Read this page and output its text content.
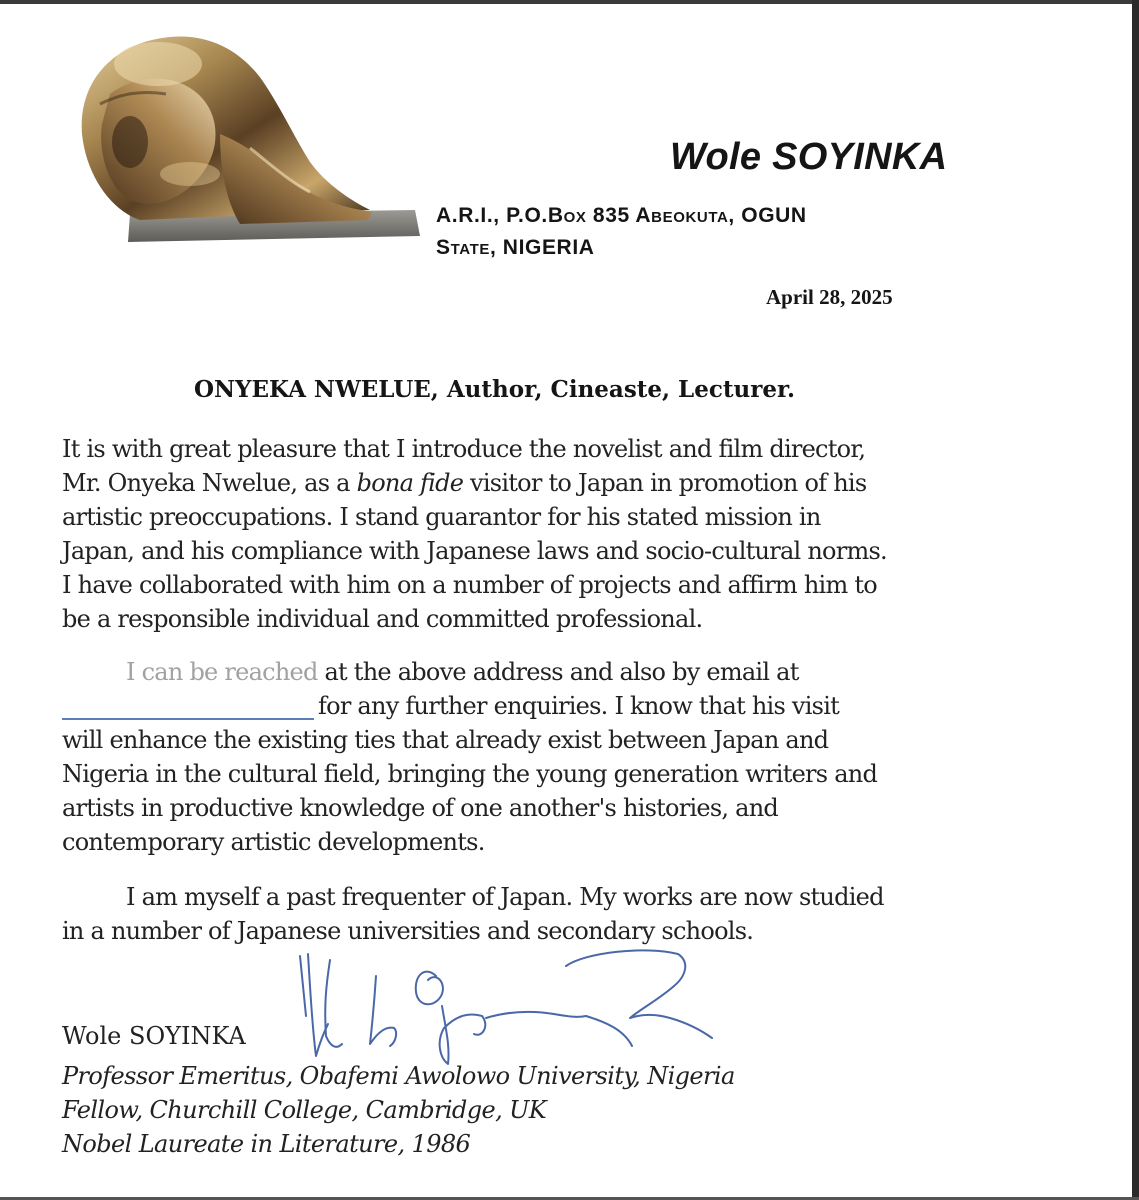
Wole SOYINKA
A.R.I., P.O.Box 835 Abeokuta, OGUN
State, NIGERIA
April 28, 2025
ONYEKA NWELUE, Author, Cineaste, Lecturer.
It is with great pleasure that I introduce the novelist and film director,
Mr. Onyeka Nwelue, as a bona fide visitor to Japan in promotion of his
artistic preoccupations. I stand guarantor for his stated mission in
Japan, and his compliance with Japanese laws and socio-cultural norms.
I have collaborated with him on a number of projects and affirm him to
be a responsible individual and committed professional.
I can be reached at the above address and also by email at
for any further enquiries. I know that his visit
will enhance the existing ties that already exist between Japan and
Nigeria in the cultural field, bringing the young generation writers and
artists in productive knowledge of one another's histories, and
contemporary artistic developments.
I am myself a past frequenter of Japan. My works are now studied
in a number of Japanese universities and secondary schools.
Wole SOYINKA
Professor Emeritus, Obafemi Awolowo University, Nigeria
Fellow, Churchill College, Cambridge, UK
Nobel Laureate in Literature, 1986
